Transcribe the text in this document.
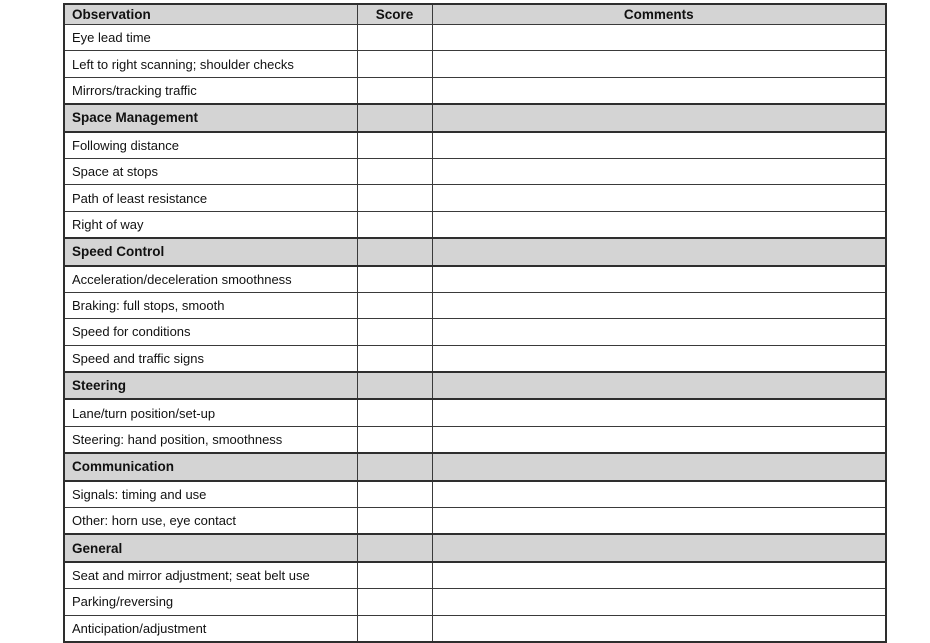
Observation	Score	Comments
Eye lead time		
Left to right scanning; shoulder checks		
Mirrors/tracking traffic		
Space Management		
Following distance		
Space at stops		
Path of least resistance		
Right of way		
Speed Control		
Acceleration/deceleration smoothness		
Braking: full stops, smooth		
Speed for conditions		
Speed and traffic signs		
Steering		
Lane/turn position/set-up		
Steering: hand position, smoothness		
Communication		
Signals: timing and use		
Other: horn use, eye contact		
General		
Seat and mirror adjustment; seat belt use		
Parking/reversing		
Anticipation/adjustment		
